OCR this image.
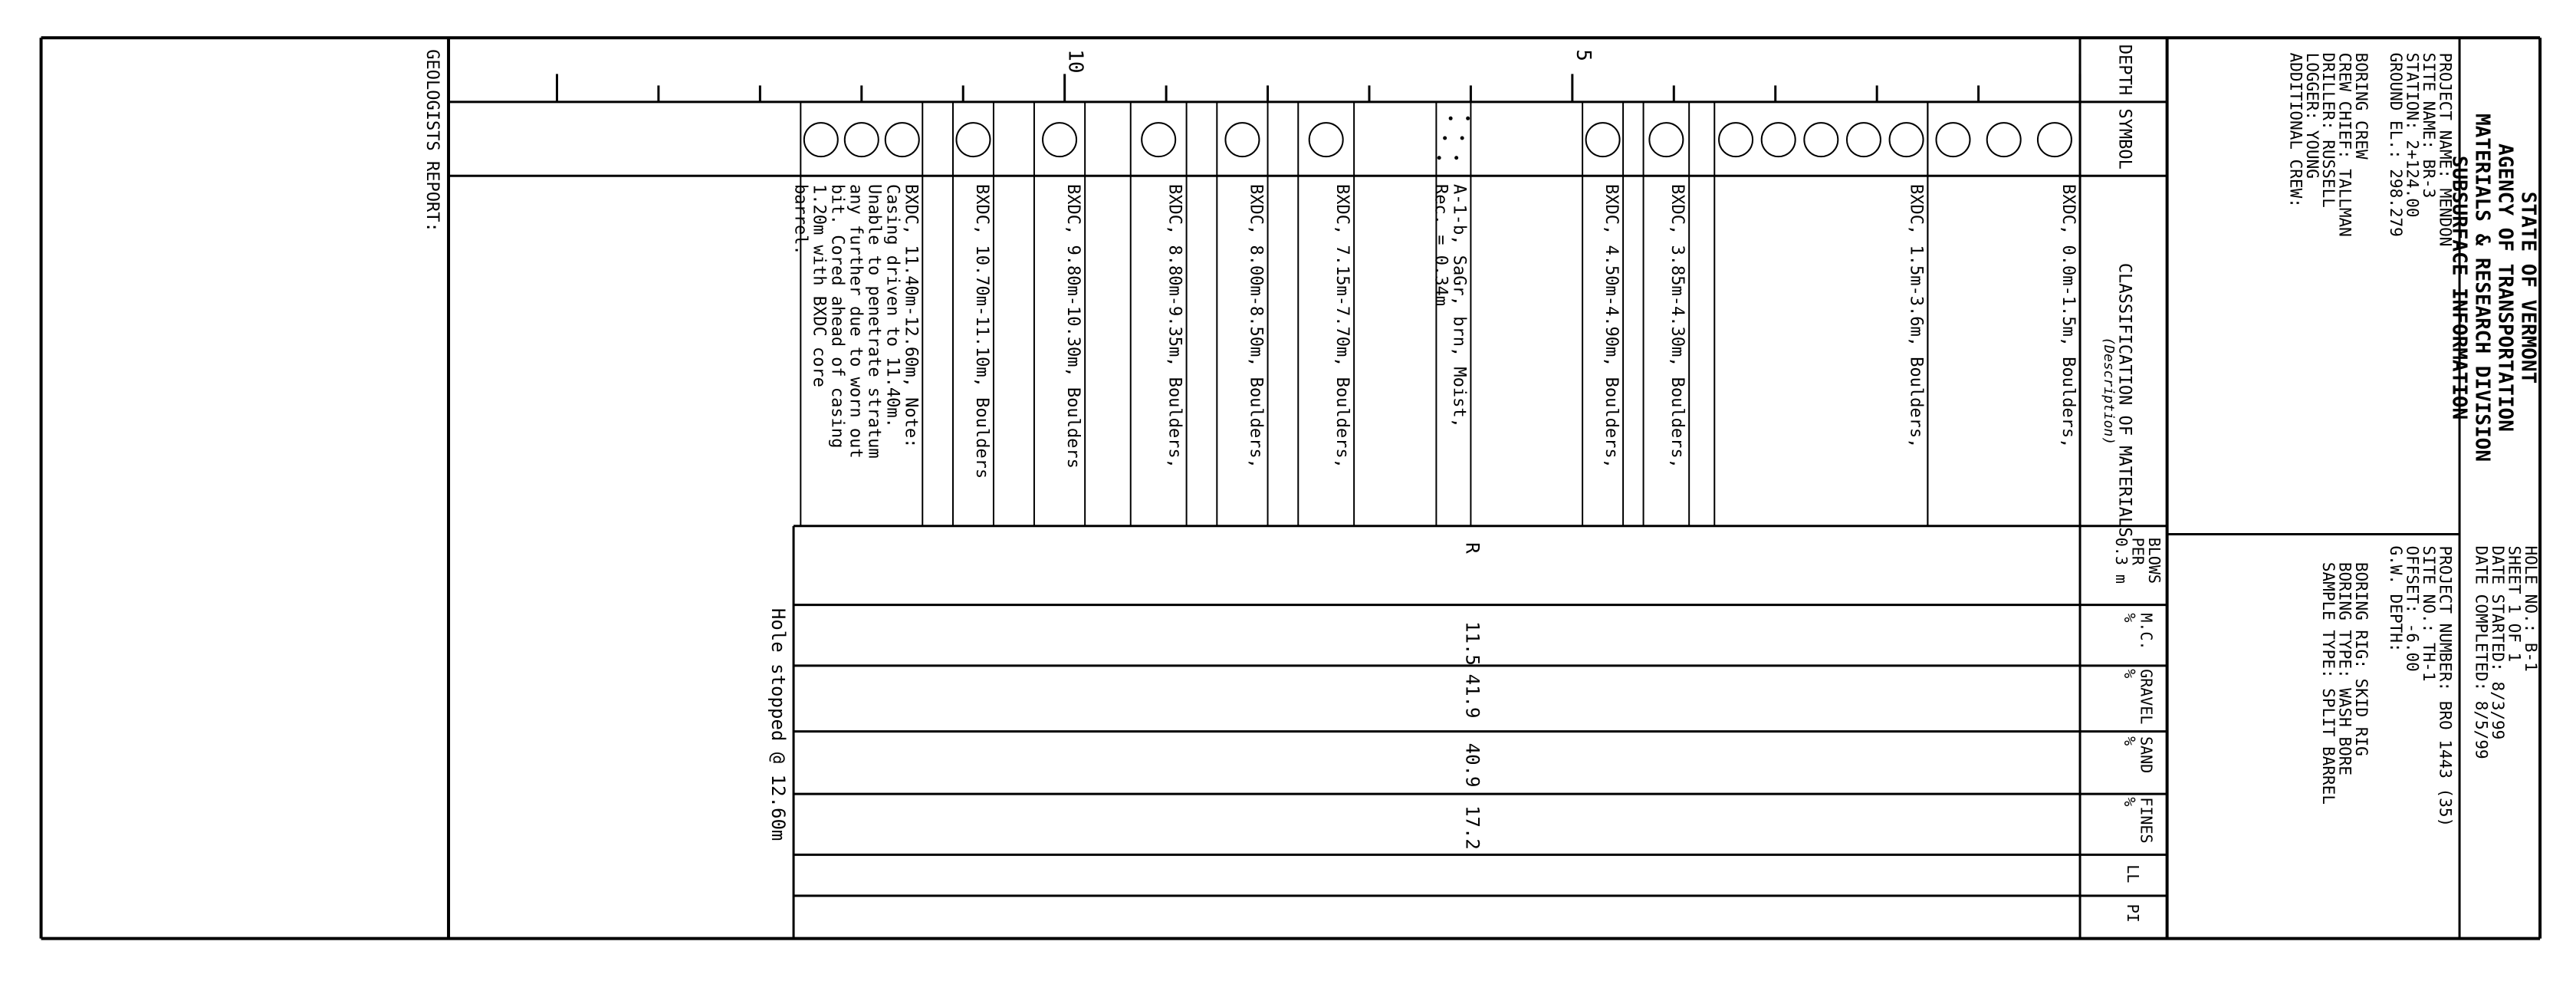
STATE OF VERMONT
AGENCY OF TRANSPORTATION
MATERIALS & RESEARCH DIVISION
SUBSURFACE INFORMATION
PROJECT NAME: MENDON
SITE NAME: BR-3
STATION: 2+124.00
GROUND EL.: 298.279
HOLE NO.: B-1
SHEET 1 OF 1
DATE STARTED: 8/3/99
DATE COMPLETED: 8/5/99
PROJECT NUMBER: BRO 1443 (35)
SITE NO.: TH-1
OFFSET: -6.00
G.W. DEPTH:
BORING CREW
CREW CHIEF: TALLMAN
DRILLER: RUSSELL
LOGGER: YOUNG
ADDITIONAL CREW:
BORING RIG: SKID RIG
BORING TYPE: WASH BORE
SAMPLE TYPE: SPLIT BARREL
DEPTH
SYMBOL
CLASSIFICATION OF MATERIALS
(Description)
BLOWS
PER
0.3 m
M.C.
%
GRAVEL
%
SAND
%
FINES
%
LL
PI
5
10
BXDC, 0.0m-1.5m, Boulders,
BXDC, 1.5m-3.6m, Boulders,
BXDC, 3.85m-4.30m, Boulders,
BXDC, 4.50m-4.90m, Boulders,
A-1-b, SaGr, brn, Moist,
Rec. = 0.34m
BXDC, 7.15m-7.70m, Boulders,
BXDC, 8.00m-8.50m, Boulders,
BXDC, 8.80m-9.35m, Boulders,
BXDC, 9.80m-10.30m, Boulders
BXDC, 10.70m-11.10m, Boulders
BXDC, 11.40m-12.60m, Note:
Casing driven to 11.40m.
Unable to penetrate stratum
any further due to worn out
bit. Cored ahead of casing
1.20m with BXDC core
barrel.
R
11.5
41.9
40.9
17.2
Hole stopped @ 12.60m
GEOLOGISTS REPORT:
